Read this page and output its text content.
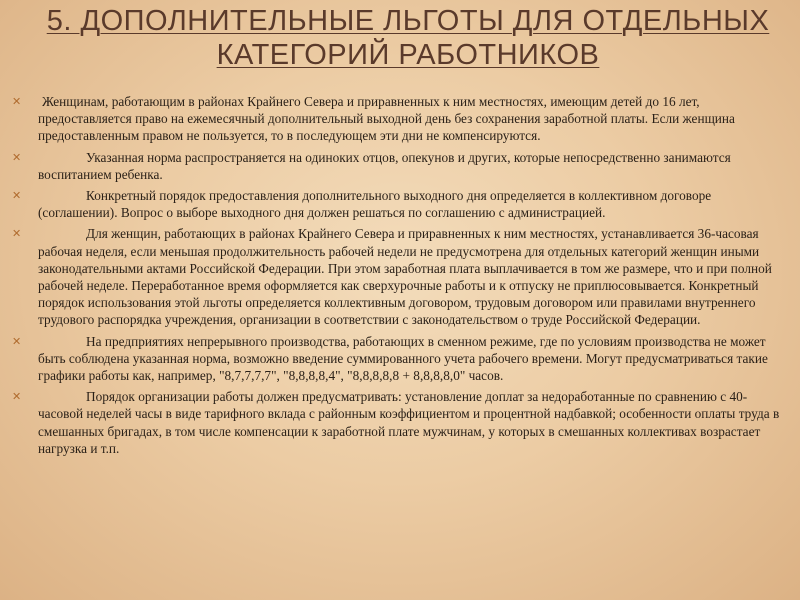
5. ДОПОЛНИТЕЛЬНЫЕ ЛЬГОТЫ ДЛЯ ОТДЕЛЬНЫХ
КАТЕГОРИЙ РАБОТНИКОВ
✕ Женщинам, работающим в районах Крайнего Севера и приравненных к ним местностях, имеющим детей до 16 лет, предоставляется право на ежемесячный дополнительный выходной день без сохранения заработной платы. Если женщина предоставленным правом не пользуется, то в последующем эти дни не компенсируются.
✕	Указанная норма распространяется на одиноких отцов, опекунов и других, которые непосредственно занимаются воспитанием ребенка.
✕	Конкретный порядок предоставления дополнительного выходного дня определяется в коллективном договоре (соглашении). Вопрос о выборе выходного дня должен решаться по соглашению с администрацией.
✕	Для женщин, работающих в районах Крайнего Севера и приравненных к ним местностях, устанавливается 36-часовая рабочая неделя, если меньшая продолжительность рабочей недели не предусмотрена для отдельных категорий женщин иными законодательными актами Российской Федерации. При этом заработная плата выплачивается в том же размере, что и при полной рабочей неделе. Переработанное время оформляется как сверхурочные работы и к отпуску не приплюсовывается. Конкретный порядок использования этой льготы определяется коллективным договором, трудовым договором или правилами внутреннего трудового распорядка учреждения, организации в соответствии с законодательством о труде Российской Федерации.
✕	На предприятиях непрерывного производства, работающих в сменном режиме, где по условиям производства не может быть соблюдена указанная норма, возможно введение суммированного учета рабочего времени. Могут предусматриваться такие графики работы как, например, "8,7,7,7,7", "8,8,8,8,4", "8,8,8,8,8 + 8,8,8,8,0" часов.
✕	Порядок организации работы должен предусматривать: установление доплат за недоработанные по сравнению с 40-часовой неделей часы в виде тарифного вклада с районным коэффициентом и процентной надбавкой; особенности оплаты труда в смешанных бригадах, в том числе компенсации к заработной плате мужчинам, у которых в смешанных коллективах возрастает нагрузка и т.п.
